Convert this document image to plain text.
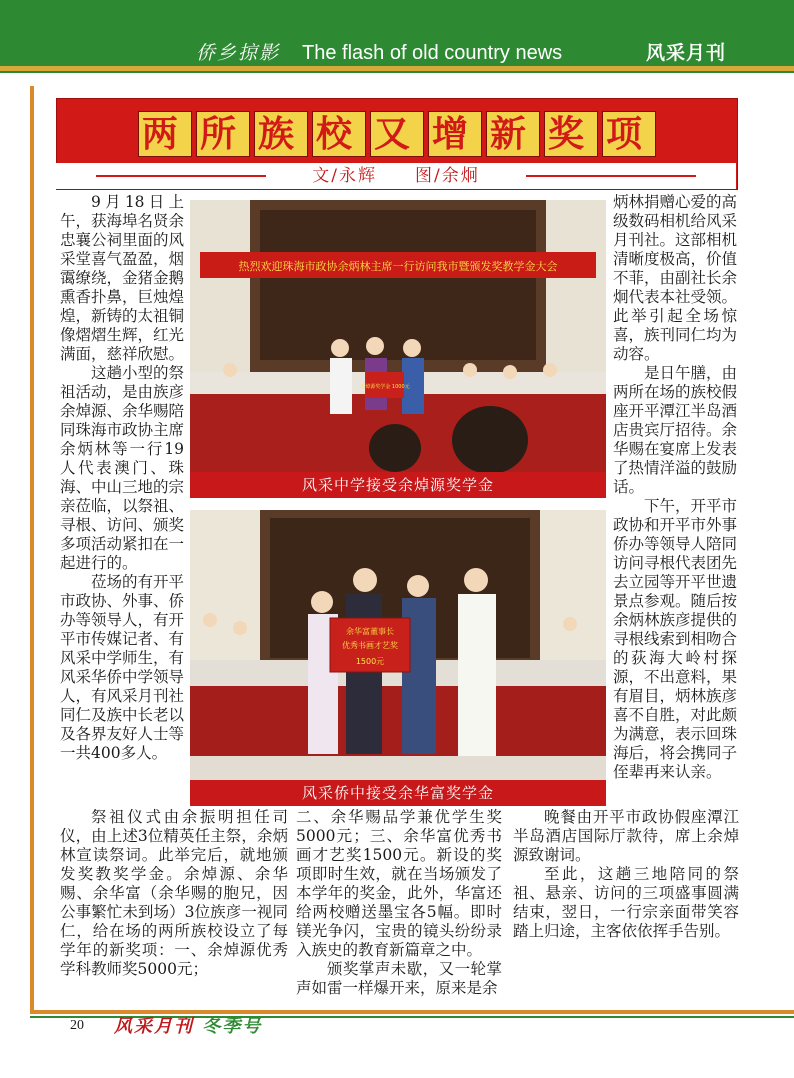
侨乡掠影 The flash of old country news	风采月刊
两 所 族 校 又 增 新 奖 项
文/永辉　　图/余炯

9月18日上午，获海埠名贤余忠襄公祠里面的风采堂喜气盈盈，烟霭缭绕，金猪金鹅熏香扑鼻，巨烛煌煌，新铸的太祖铜像熠熠生辉，红光满面，慈祥欣慰。

这趟小型的祭祖活动，是由族彦余焯源、余华赐陪同珠海市政协主席余炳林等一行19人代表澳门、珠海、中山三地的宗亲莅临，以祭祖、寻根、访问、颁奖多项活动紧扣在一起进行的。

莅场的有开平市政协、外事、侨办等领导人，有开平市传媒记者、有风采中学师生，有风采华侨中学领导人，有风采月刊社同仁及族中长老以及各界友好人士等一共400多人。

热烈欢迎珠海市政协余炳林主席一行访问我市暨颁发奖教学金大会
余焯源奖学金 1000元
风采中学接受余焯源奖学金
余华富董事长
优秀书画才艺奖
1500元
风采侨中接受余华富奖学金

炳林捐赠心爱的高级数码相机给风采月刊社。这部相机清晰度极高，价值不菲，由副社长余炯代表本社受领。此举引起全场惊喜，族刊同仁均为动容。

是日午膳，由两所在场的族校假座开平潭江半岛酒店贵宾厅招待。余华赐在宴席上发表了热情洋溢的鼓励话。

下午，开平市政协和开平市外事侨办等领导人陪同访问寻根代表团先去立园等开平世遗景点参观。随后按余炳林族彦提供的寻根线索到相吻合的荻海大岭村探源，不出意料，果有眉目，炳林族彦喜不自胜，对此颇为满意，表示回珠海后，将会携同子侄辈再来认亲。

祭祖仪式由余振明担任司仪，由上述3位精英任主祭，余炳林宣读祭词。此举完后，就地颁发奖教奖学金。余焯源、余华赐、余华富（余华赐的胞兄，因公事繁忙未到场）3位族彦一视同仁，给在场的两所族校设立了每学年的新奖项：一、余焯源优秀学科教师奖5000元；

二、余华赐品学兼优学生奖5000元；三、余华富优秀书画才艺奖1500元。新设的奖项即时生效，就在当场颁发了本学年的奖金，此外，华富还给两校赠送墨宝各5幅。即时镁光争闪，宝贵的镜头纷纷录入族史的教育新篇章之中。

颁奖掌声未歇，又一轮掌声如雷一样爆开来，原来是余

晚餐由开平市政协假座潭江半岛酒店国际厅款待，席上余焯源致谢词。

至此，这趟三地陪同的祭祖、悬亲、访问的三项盛事圆满结束，翌日，一行宗亲面带笑容踏上归途，主客依依挥手告别。

20 风采月刊 冬季号
